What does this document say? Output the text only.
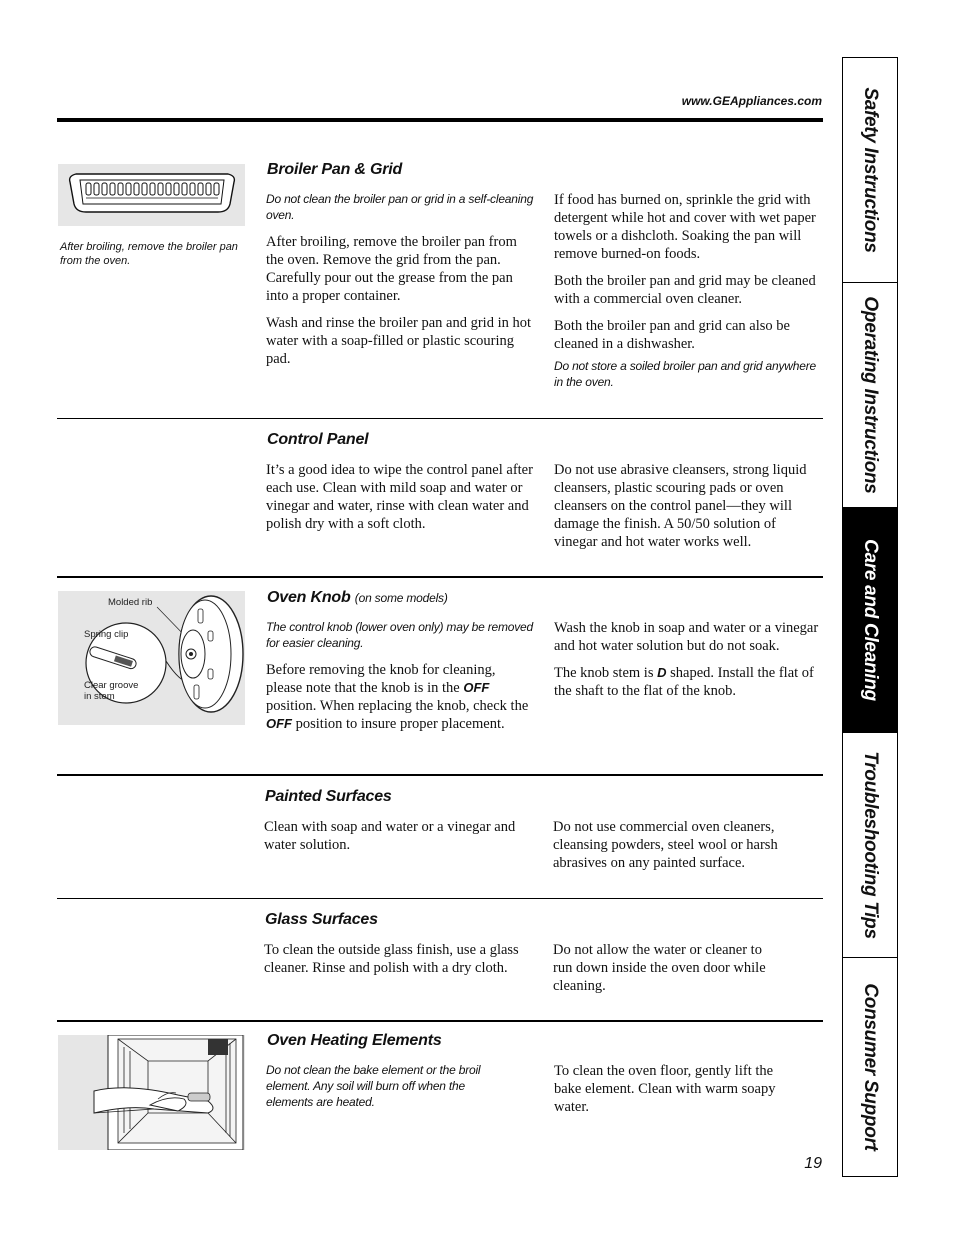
www.GEAppliances.com
After broiling, remove the broiler pan from the oven.
Broiler Pan & Grid

Do not clean the broiler pan or grid in a self-cleaning oven.

After broiling, remove the broiler pan from the oven. Remove the grid from the pan. Carefully pour out the grease from the pan into a proper container.

Wash and rinse the broiler pan and grid in hot water with a soap-filled or plastic scouring pad.

If food has burned on, sprinkle the grid with detergent while hot and cover with wet paper towels or a dishcloth. Soaking the pan will remove burned-on foods.

Both the broiler pan and grid may be cleaned with a commercial oven cleaner.

Both the broiler pan and grid can also be cleaned in a dishwasher.

Do not store a soiled broiler pan and grid anywhere in the oven.

Control Panel

It’s a good idea to wipe the control panel after each use. Clean with mild soap and water or vinegar and water, rinse with clean water and polish dry with a soft cloth.

Do not use abrasive cleansers, strong liquid cleansers, plastic scouring pads or oven cleansers on the control panel—they will damage the finish. A 50/50 solution of vinegar and hot water works well.

Molded rib
Spring clip
Clear groove
in stem
Oven Knob (on some models)

The control knob (lower oven only) may be removed for easier cleaning.

Before removing the knob for cleaning, please note that the knob is in the OFF position. When replacing the knob, check the OFF position to insure proper placement.

Wash the knob in soap and water or a vinegar and hot water solution but do not soak.

The knob stem is D shaped. Install the flat of the shaft to the flat of the knob.

Painted Surfaces

Clean with soap and water or a vinegar and water solution.

Do not use commercial oven cleaners, cleansing powders, steel wool or harsh abrasives on any painted surface.

Glass Surfaces

To clean the outside glass finish, use a glass cleaner. Rinse and polish with a dry cloth.

Do not allow the water or cleaner to run down inside the oven door while cleaning.

Oven Heating Elements

Do not clean the bake element or the broil element. Any soil will burn off when the elements are heated.

To clean the oven floor, gently lift the bake element. Clean with warm soapy water.

19
Safety Instructions
Operating Instructions
Care and Cleaning
Troubleshooting Tips
Consumer Support
